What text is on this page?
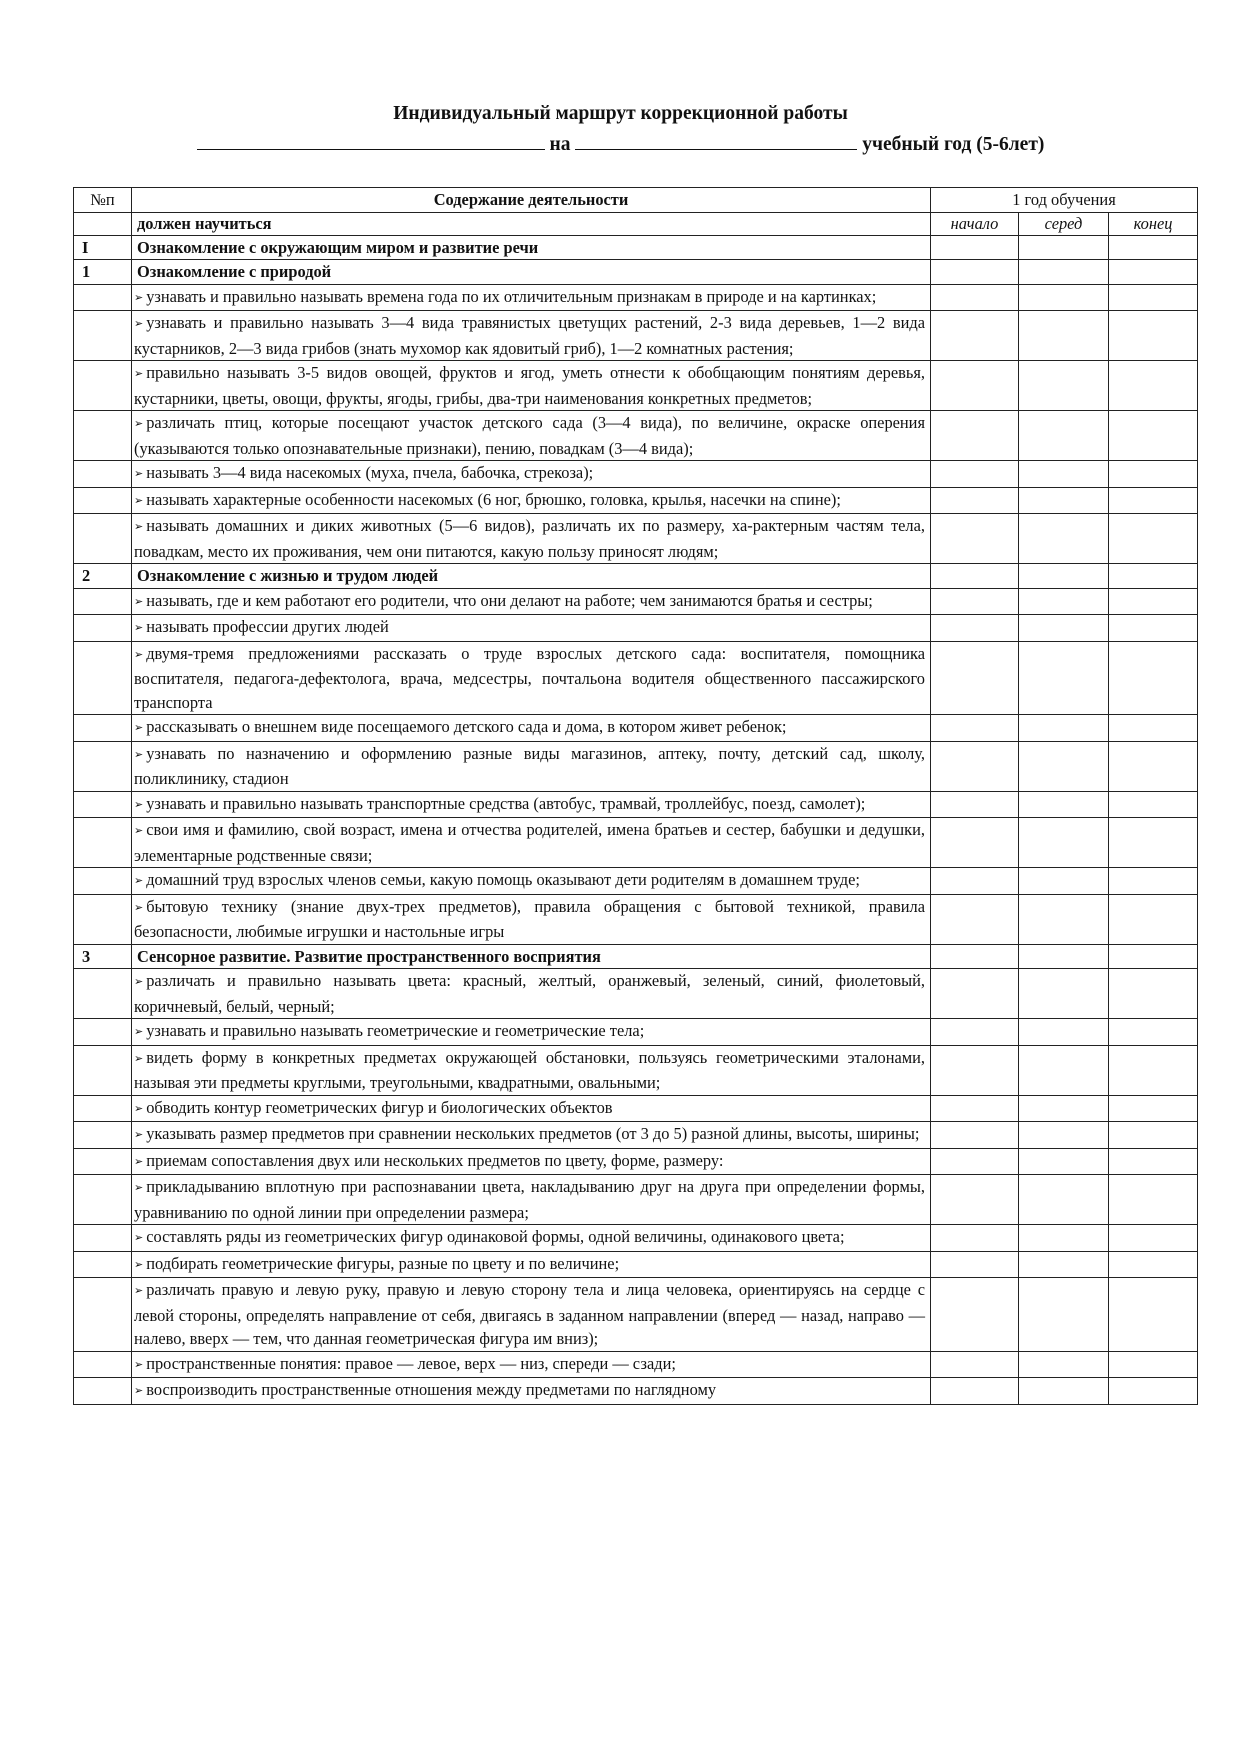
Индивидуальный маршрут коррекционной работы
на	учебный год (5-6лет)
№п	Содержание деятельности	1 год обучения		
	должен научиться	начало	серед	конец
I	Ознакомление с окружающим миром и развитие речи			
1	Ознакомление с природой			
	➢ узнавать и правильно называть времена года по их отличительным признакам в природе и на картинках;			
	➢ узнавать и правильно называть 3—4 вида травянистых цветущих растений, 2-3 вида деревьев, 1—2 вида кустарников, 2—3 вида грибов (знать мухомор как ядовитый гриб), 1—2 комнатных растения;			
	➢ правильно называть 3-5 видов овощей, фруктов и ягод, уметь отнести к обобщающим понятиям деревья, кустарники, цветы, овощи, фрукты, ягоды, грибы, два-три наименования конкретных предметов;			
	➢ различать птиц, которые посещают участок детского сада (3—4 вида), по величине, окраске оперения (указываются только опознавательные признаки), пению, повадкам (3—4 вида);			
	➢ называть 3—4 вида насекомых (муха, пчела, бабочка, стрекоза);			
	➢ называть характерные особенности насекомых (6 ног, брюшко, головка, крылья, насечки на спине);			
	➢ называть домашних и диких животных (5—6 видов), различать их по размеру, ха-рактерным частям тела, повадкам, место их проживания, чем они питаются, какую пользу приносят людям;			
2	Ознакомление с жизнью и трудом людей			
	➢ называть, где и кем работают его родители, что они делают на работе; чем занимаются братья и сестры;			
	➢ называть профессии других людей			
	➢ двумя-тремя предложениями рассказать о труде взрослых детского сада: воспитателя, помощника воспитателя, педагога-дефектолога, врача, медсестры, почтальона водителя общественного пассажирского транспорта			
	➢ рассказывать о внешнем виде посещаемого детского сада и дома, в котором живет ребенок;			
	➢ узнавать по назначению и оформлению разные виды магазинов, аптеку, почту, детский сад, школу, поликлинику, стадион			
	➢ узнавать и правильно называть транспортные средства (автобус, трамвай, троллейбус, поезд, самолет);			
	➢ свои имя и фамилию, свой возраст, имена и отчества родителей, имена братьев и сестер, бабушки и дедушки, элементарные родственные связи;			
	➢ домашний труд взрослых членов семьи, какую помощь оказывают дети родителям в домашнем труде;			
	➢ бытовую технику (знание двух-трех предметов), правила обращения с бытовой техникой, правила безопасности, любимые игрушки и настольные игры			
3	Сенсорное развитие. Развитие пространственного восприятия			
	➢ различать и правильно называть цвета: красный, желтый, оранжевый, зеленый, синий, фиолетовый, коричневый, белый, черный;			
	➢ узнавать и правильно называть геометрические и геометрические тела;			
	➢ видеть форму в конкретных предметах окружающей обстановки, пользуясь геометрическими эталонами, называя эти предметы круглыми, треугольными, квадратными, овальными;			
	➢ обводить контур геометрических фигур и биологических объектов			
	➢ указывать размер предметов при сравнении нескольких предметов (от 3 до 5) разной длины, высоты, ширины;			
	➢ приемам сопоставления двух или нескольких предметов по цвету, форме, размеру:			
	➢ прикладыванию вплотную при распознавании цвета, накладыванию друг на друга при определении формы, уравниванию по одной линии при определении размера;			
	➢ составлять ряды из геометрических фигур одинаковой формы, одной величины, одинакового цвета;			
	➢ подбирать геометрические фигуры, разные по цвету и по величине;			
	➢ различать правую и левую руку, правую и левую сторону тела и лица человека, ориентируясь на сердце с левой стороны, определять направление от себя, двигаясь в заданном направлении (вперед — назад, направо — налево, вверх — тем, что данная геометрическая фигура им вниз);			
	➢ пространственные понятия: правое — левое, верх — низ, спереди — сзади;			
	➢ воспроизводить пространственные отношения между предметами по наглядному			
